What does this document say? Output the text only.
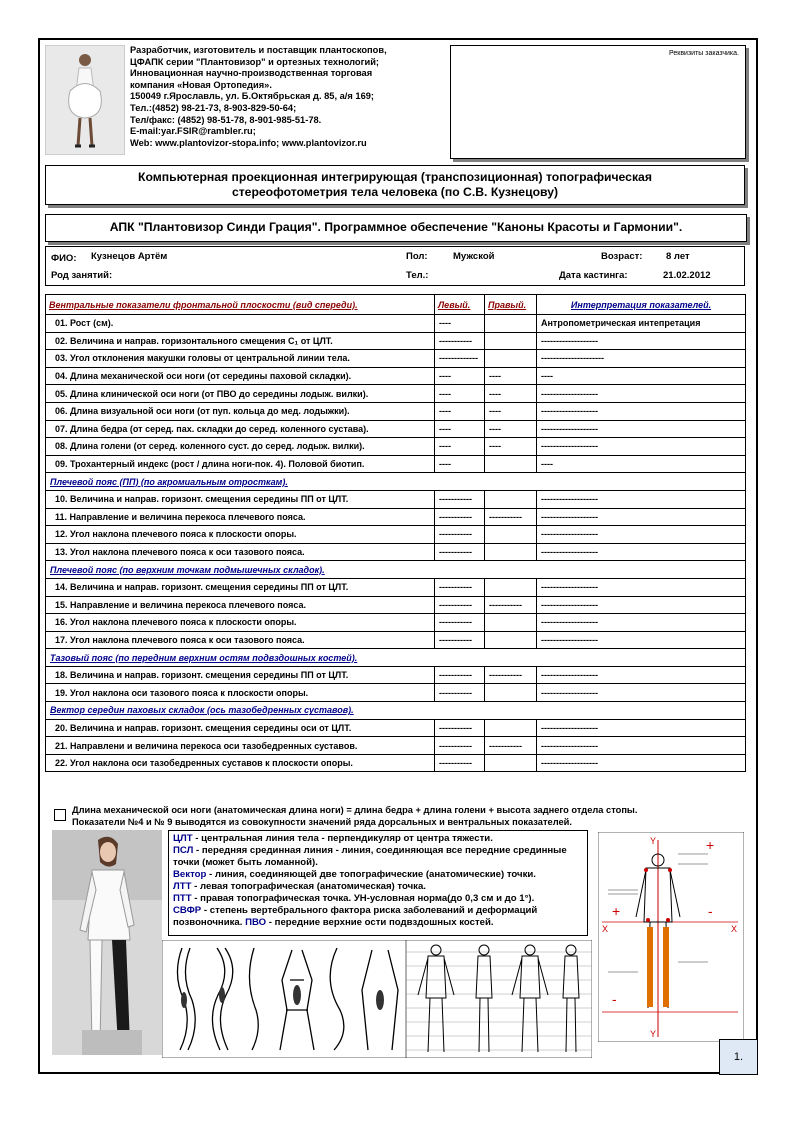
Разработчик, изготовитель и поставщик плантоскопов,
ЦФАПК серии "Плантовизор" и ортезных технологий;
Инновационная научно-производственная торговая
компания «Новая Ортопедия».
150049 г.Ярославль, ул. Б.Октябрьская д. 85, а/я 169;
Тел.:(4852) 98-21-73, 8-903-829-50-64;
Тел/факс: (4852) 98-51-78, 8-901-985-51-78.
E-mail:yar.FSIR@rambler.ru;
Web: www.plantovizor-stopa.info; www.plantovizor.ru
Реквизиты заказчика.
Компьютерная проекционная интегрирующая (транспозиционная) топографическая
стереофотометрия тела человека (по С.В. Кузнецову)
АПК "Плантовизор Синди Грация". Программное обеспечение "Каноны Красоты и Гармонии".
ФИО: Кузнецов Артём	Пол:	Мужской	Возраст: 8 лет
Род занятий:	Тел.:	Дата кастинга:	21.02.2012
Вентральные показатели фронтальной плоскости (вид спереди).	Левый.	Правый.	Интерпретация показателей.
01. Рост (см).	----		Антропометрическая интепретация
02. Величина и направ. горизонтального смещения С₁ от ЦЛТ.	-----------		-------------------
03. Угол отклонения макушки головы от центральной линии тела.	-------------		---------------------
04. Длина механической оси ноги (от середины паховой складки).	----	----	----
05. Длина клинической оси ноги (от ПВО до середины лодыж. вилки).	----	----	-------------------
06. Длина визуальной оси ноги (от пуп. кольца до мед. лодыжки).	----	----	-------------------
07. Длина бедра (от серед. пах. складки до серед. коленного сустава).	----	----	-------------------
08. Длина голени (от серед. коленного суст. до серед. лодыж. вилки).	----	----	-------------------
09. Трохантерный индекс (рост / длина ноги-пок. 4). Половой биотип.	----		----
Плечевой пояс (ПП) (по акромиальным отросткам).			
10. Величина и направ. горизонт. смещения середины ПП от ЦЛТ.	-----------		-------------------
11. Направление и величина перекоса плечевого пояса.	-----------	-----------	-------------------
12. Угол наклона плечевого пояса к плоскости опоры.	-----------		-------------------
13. Угол наклона плечевого пояса к оси тазового пояса.	-----------		-------------------
Плечевой пояс (по верхним точкам подмышечных складок).			
14. Величина и направ. горизонт. смещения середины ПП от ЦЛТ.	-----------		-------------------
15. Направление и величина перекоса плечевого пояса.	-----------	-----------	-------------------
16. Угол наклона плечевого пояса к плоскости опоры.	-----------		-------------------
17. Угол наклона плечевого пояса к оси тазового пояса.	-----------		-------------------
Тазовый пояс (по передним верхним остям подвздошных костей).			
18. Величина и направ. горизонт. смещения середины ПП от ЦЛТ.	-----------	-----------	-------------------
19. Угол наклона оси тазового пояса к плоскости опоры.	-----------		-------------------
Вектор середин паховых складок (ось тазобедренных суставов).			
20. Величина и направ. горизонт. смещения середины оси от ЦЛТ.	-----------		-------------------
21. Направлени и величина перекоса оси тазобедренных суставов.	-----------	-----------	-------------------
22. Угол наклона оси тазобедренных суставов к плоскости опоры.	-----------		-------------------
Длина механической оси ноги (анатомическая длина ноги) = длина бедра + длина голени + высота заднего отдела стопы.
Показатели №4 и № 9 выводятся из совокупности значений ряда дорсальных и вентральных показателей.
ЦЛТ - центральная линия тела - перпендикуляр от центра тяжести.
ПСЛ - передняя срединная линия - линия, соединяющая все передние срединные точки (может быть ломанной).
Вектор - линия, соединяющей две топографические (анатомические) точки.
ЛТТ - левая топографическая (анатомическая) точка.
ПТТ - правая топографическая точка. УН-условная норма(до 0,3 см и до 1°).
СВФР - степень вертебрального фактора риска заболеваний и деформаций позвоночника. ПВО - передние верхние ости подвздошных костей.

Y
Y
X	X
+
+	-
-
1.
